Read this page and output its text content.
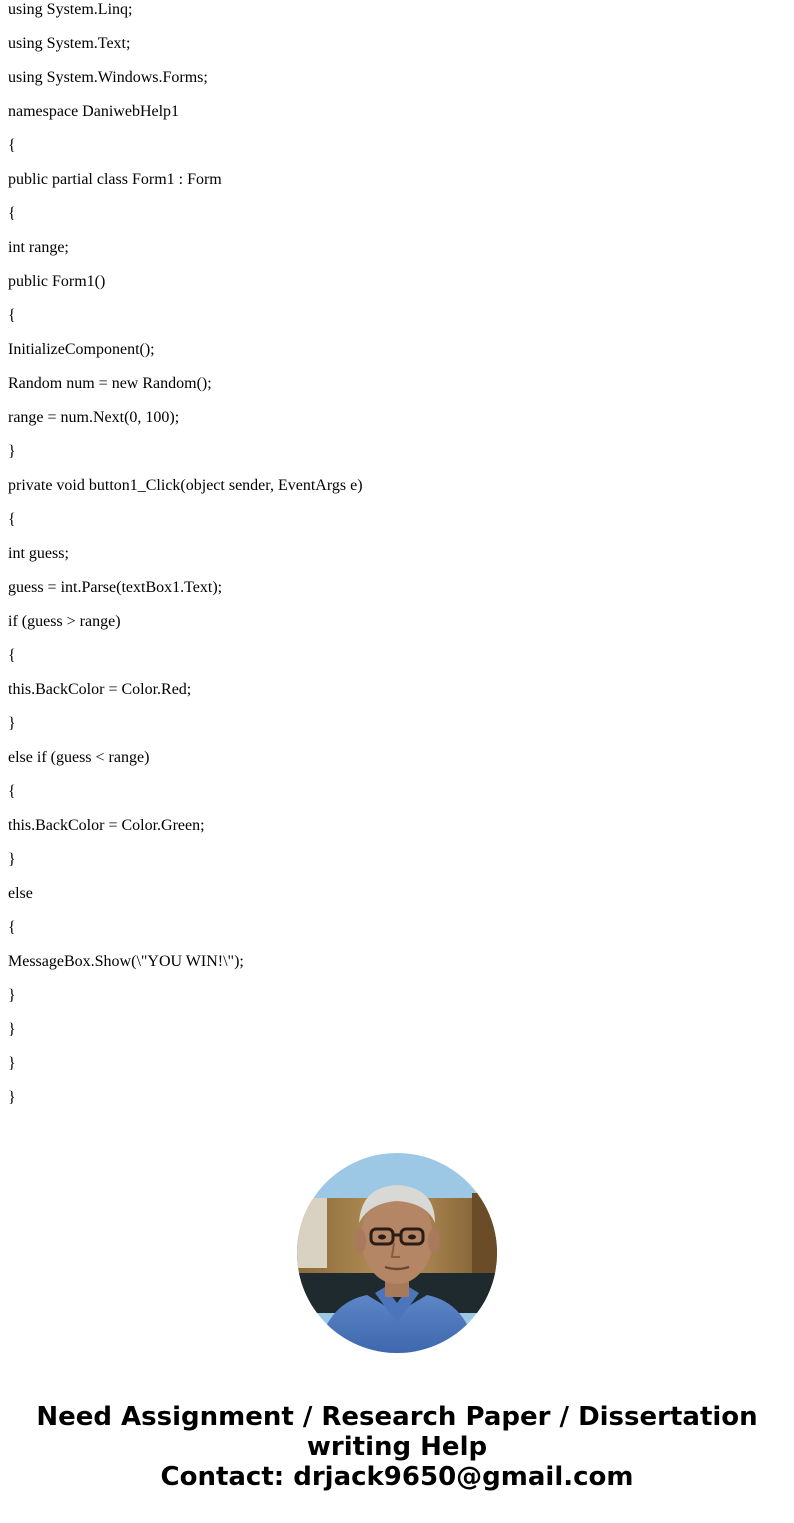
using System.Linq;

using System.Text;

using System.Windows.Forms;

namespace DaniwebHelp1

{

public partial class Form1 : Form

{

int range;

public Form1()

{

InitializeComponent();

Random num = new Random();

range = num.Next(0, 100);

}

private void button1_Click(object sender, EventArgs e)

{

int guess;

guess = int.Parse(textBox1.Text);

if (guess > range)

{

this.BackColor = Color.Red;

}

else if (guess < range)

{

this.BackColor = Color.Green;

}

else

{

MessageBox.Show(\"YOU WIN!\");

}

}

}

}

Need Assignment / Research Paper / Dissertation
writing Help
Contact: drjack9650@gmail.com
